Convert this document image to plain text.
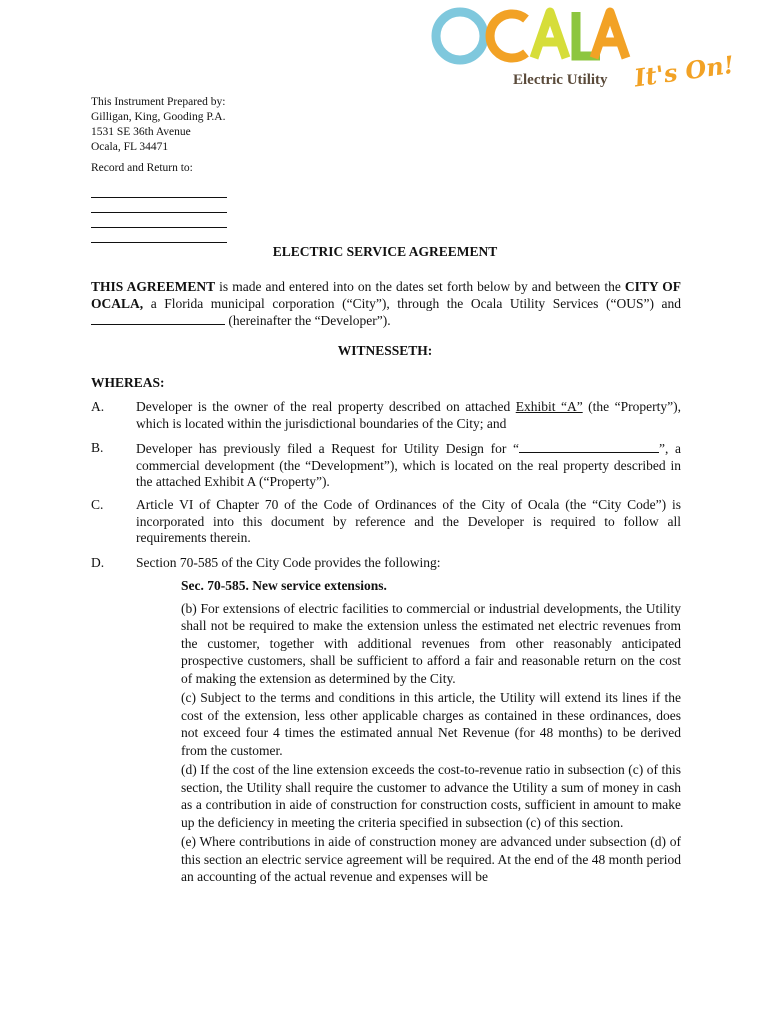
Electric Utility It's On!
This Instrument Prepared by:
Gilligan, King, Gooding P.A.
1531 SE 36th Avenue
Ocala, FL 34471
Record and Return to:
ELECTRIC SERVICE AGREEMENT
THIS AGREEMENT is made and entered into on the dates set forth below by and between the CITY OF OCALA, a Florida municipal corporation (“City”), through the Ocala Utility Services (“OUS”) and  (hereinafter the “Developer”).
WITNESSETH:
WHEREAS:
A. Developer is the owner of the real property described on attached Exhibit “A” (the “Property”), which is located within the jurisdictional boundaries of the City; and
B. Developer has previously filed a Request for Utility Design for “	”, a commercial development (the “Development”), which is located on the real property described in the attached Exhibit A (“Property”).
C. Article VI of Chapter 70 of the Code of Ordinances of the City of Ocala (the “City Code”) is incorporated into this document by reference and the Developer is required to follow all requirements therein.
D. Section 70-585 of the City Code provides the following:
Sec. 70-585. New service extensions.
(b) For extensions of electric facilities to commercial or industrial developments, the Utility shall not be required to make the extension unless the estimated net electric revenues from the customer, together with additional revenues from other reasonably anticipated prospective customers, shall be sufficient to afford a fair and reasonable return on the cost of making the extension as determined by the City.
(c) Subject to the terms and conditions in this article, the Utility will extend its lines if the cost of the extension, less other applicable charges as contained in these ordinances, does not exceed four 4 times the estimated annual Net Revenue (for 48 months) to be derived from the customer.
(d) If the cost of the line extension exceeds the cost-to-revenue ratio in subsection (c) of this section, the Utility shall require the customer to advance the Utility a sum of money in cash as a contribution in aide of construction for construction costs, sufficient in amount to make up the deficiency in meeting the criteria specified in subsection (c) of this section.
(e) Where contributions in aide of construction money are advanced under subsection (d) of this section an electric service agreement will be required. At the end of the 48 month period an accounting of the actual revenue and expenses will be
